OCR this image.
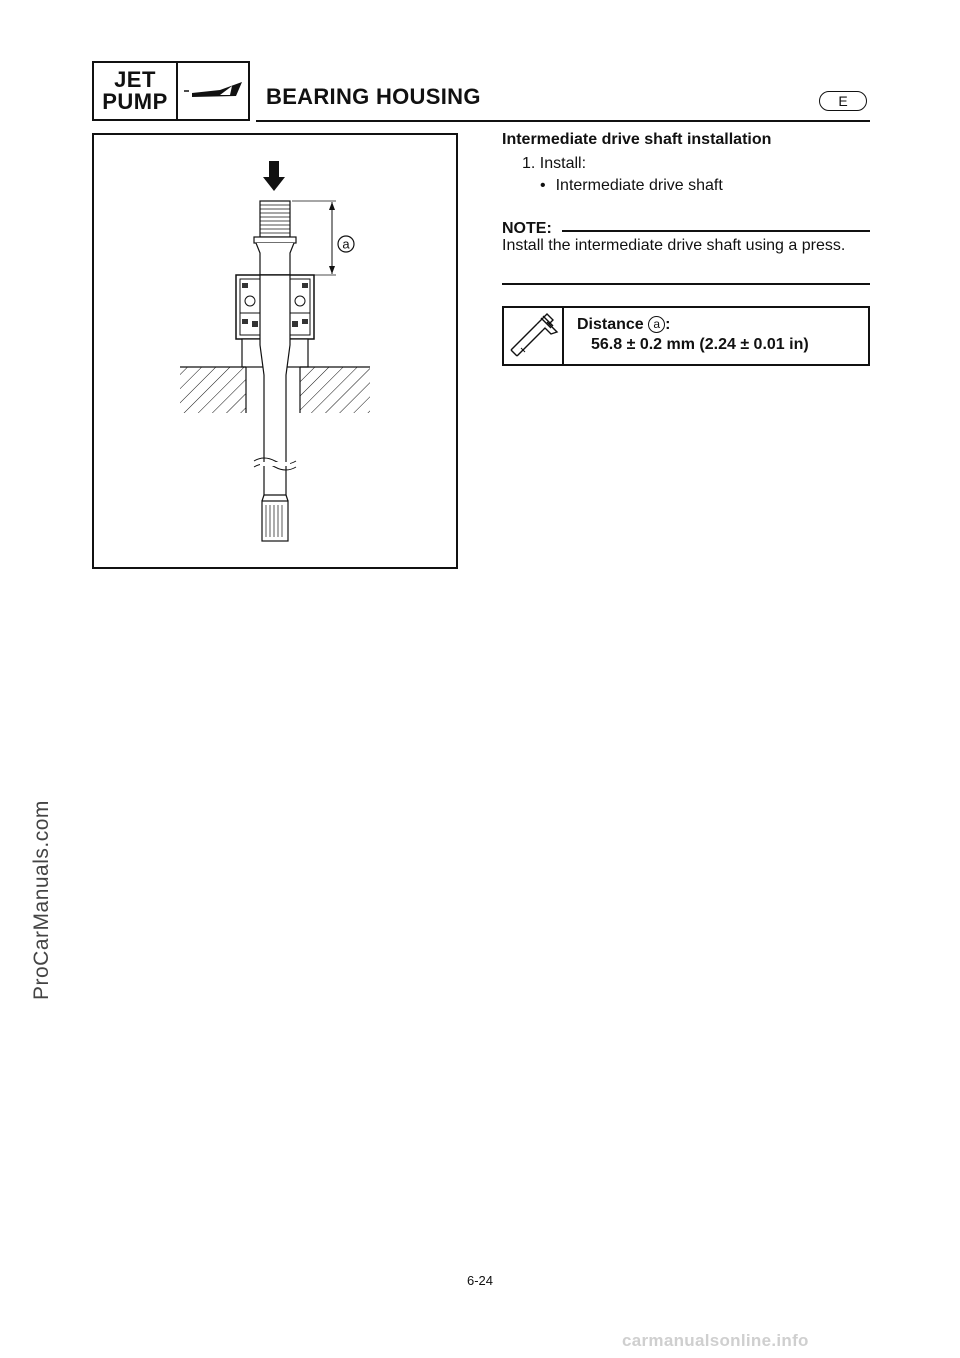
JET
PUMP	BEARING HOUSING	E
a
Intermediate drive shaft installation
1. Install:
• Intermediate drive shaft
NOTE:
Install the intermediate drive shaft using a press.
Distance a :
56.8 ± 0.2 mm (2.24 ± 0.01 in)
6-24
ProCarManuals.com
carmanualsonline.info
